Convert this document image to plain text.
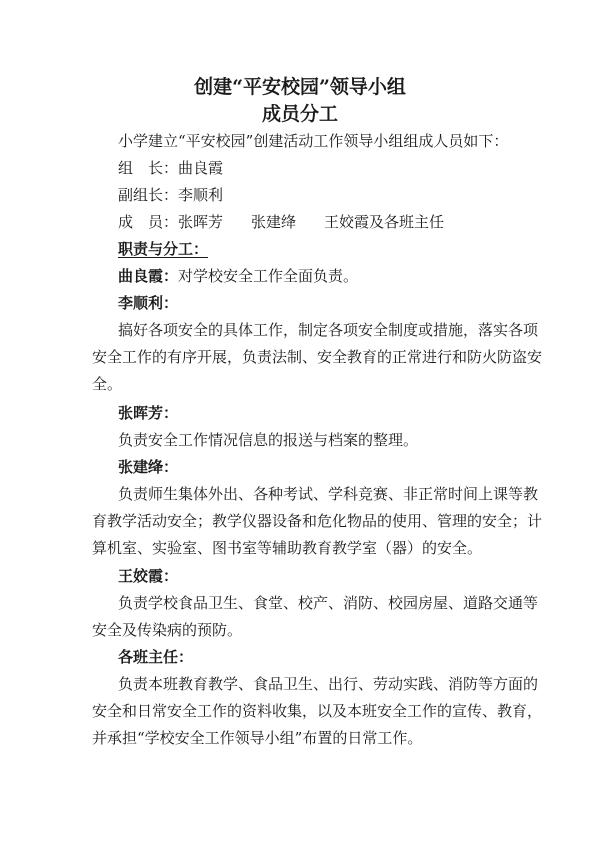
创建“平安校园”领导小组
成员分工
小学建立“平安校园”创建活动工作领导小组组成人员如下：
组　长：曲良霞
副组长：李顺利
成　员：张晖芳 张建绛 王姣霞及各班主任
职责与分工：
曲良霞：对学校安全工作全面负责。
李顺利：
搞好各项安全的具体工作，制定各项安全制度或措施，落实各项
安全工作的有序开展，负责法制、安全教育的正常进行和防火防盗安
全。
张晖芳：
负责安全工作情况信息的报送与档案的整理。
张建绛：
负责师生集体外出、各种考试、学科竞赛、非正常时间上课等教
育教学活动安全；教学仪器设备和危化物品的使用、管理的安全；计
算机室、实验室、图书室等辅助教育教学室（器）的安全。
王姣霞：
负责学校食品卫生、食堂、校产、消防、校园房屋、道路交通等
安全及传染病的预防。
各班主任：
负责本班教育教学、食品卫生、出行、劳动实践、消防等方面的
安全和日常安全工作的资料收集，以及本班安全工作的宣传、教育，
并承担“学校安全工作领导小组”布置的日常工作。
